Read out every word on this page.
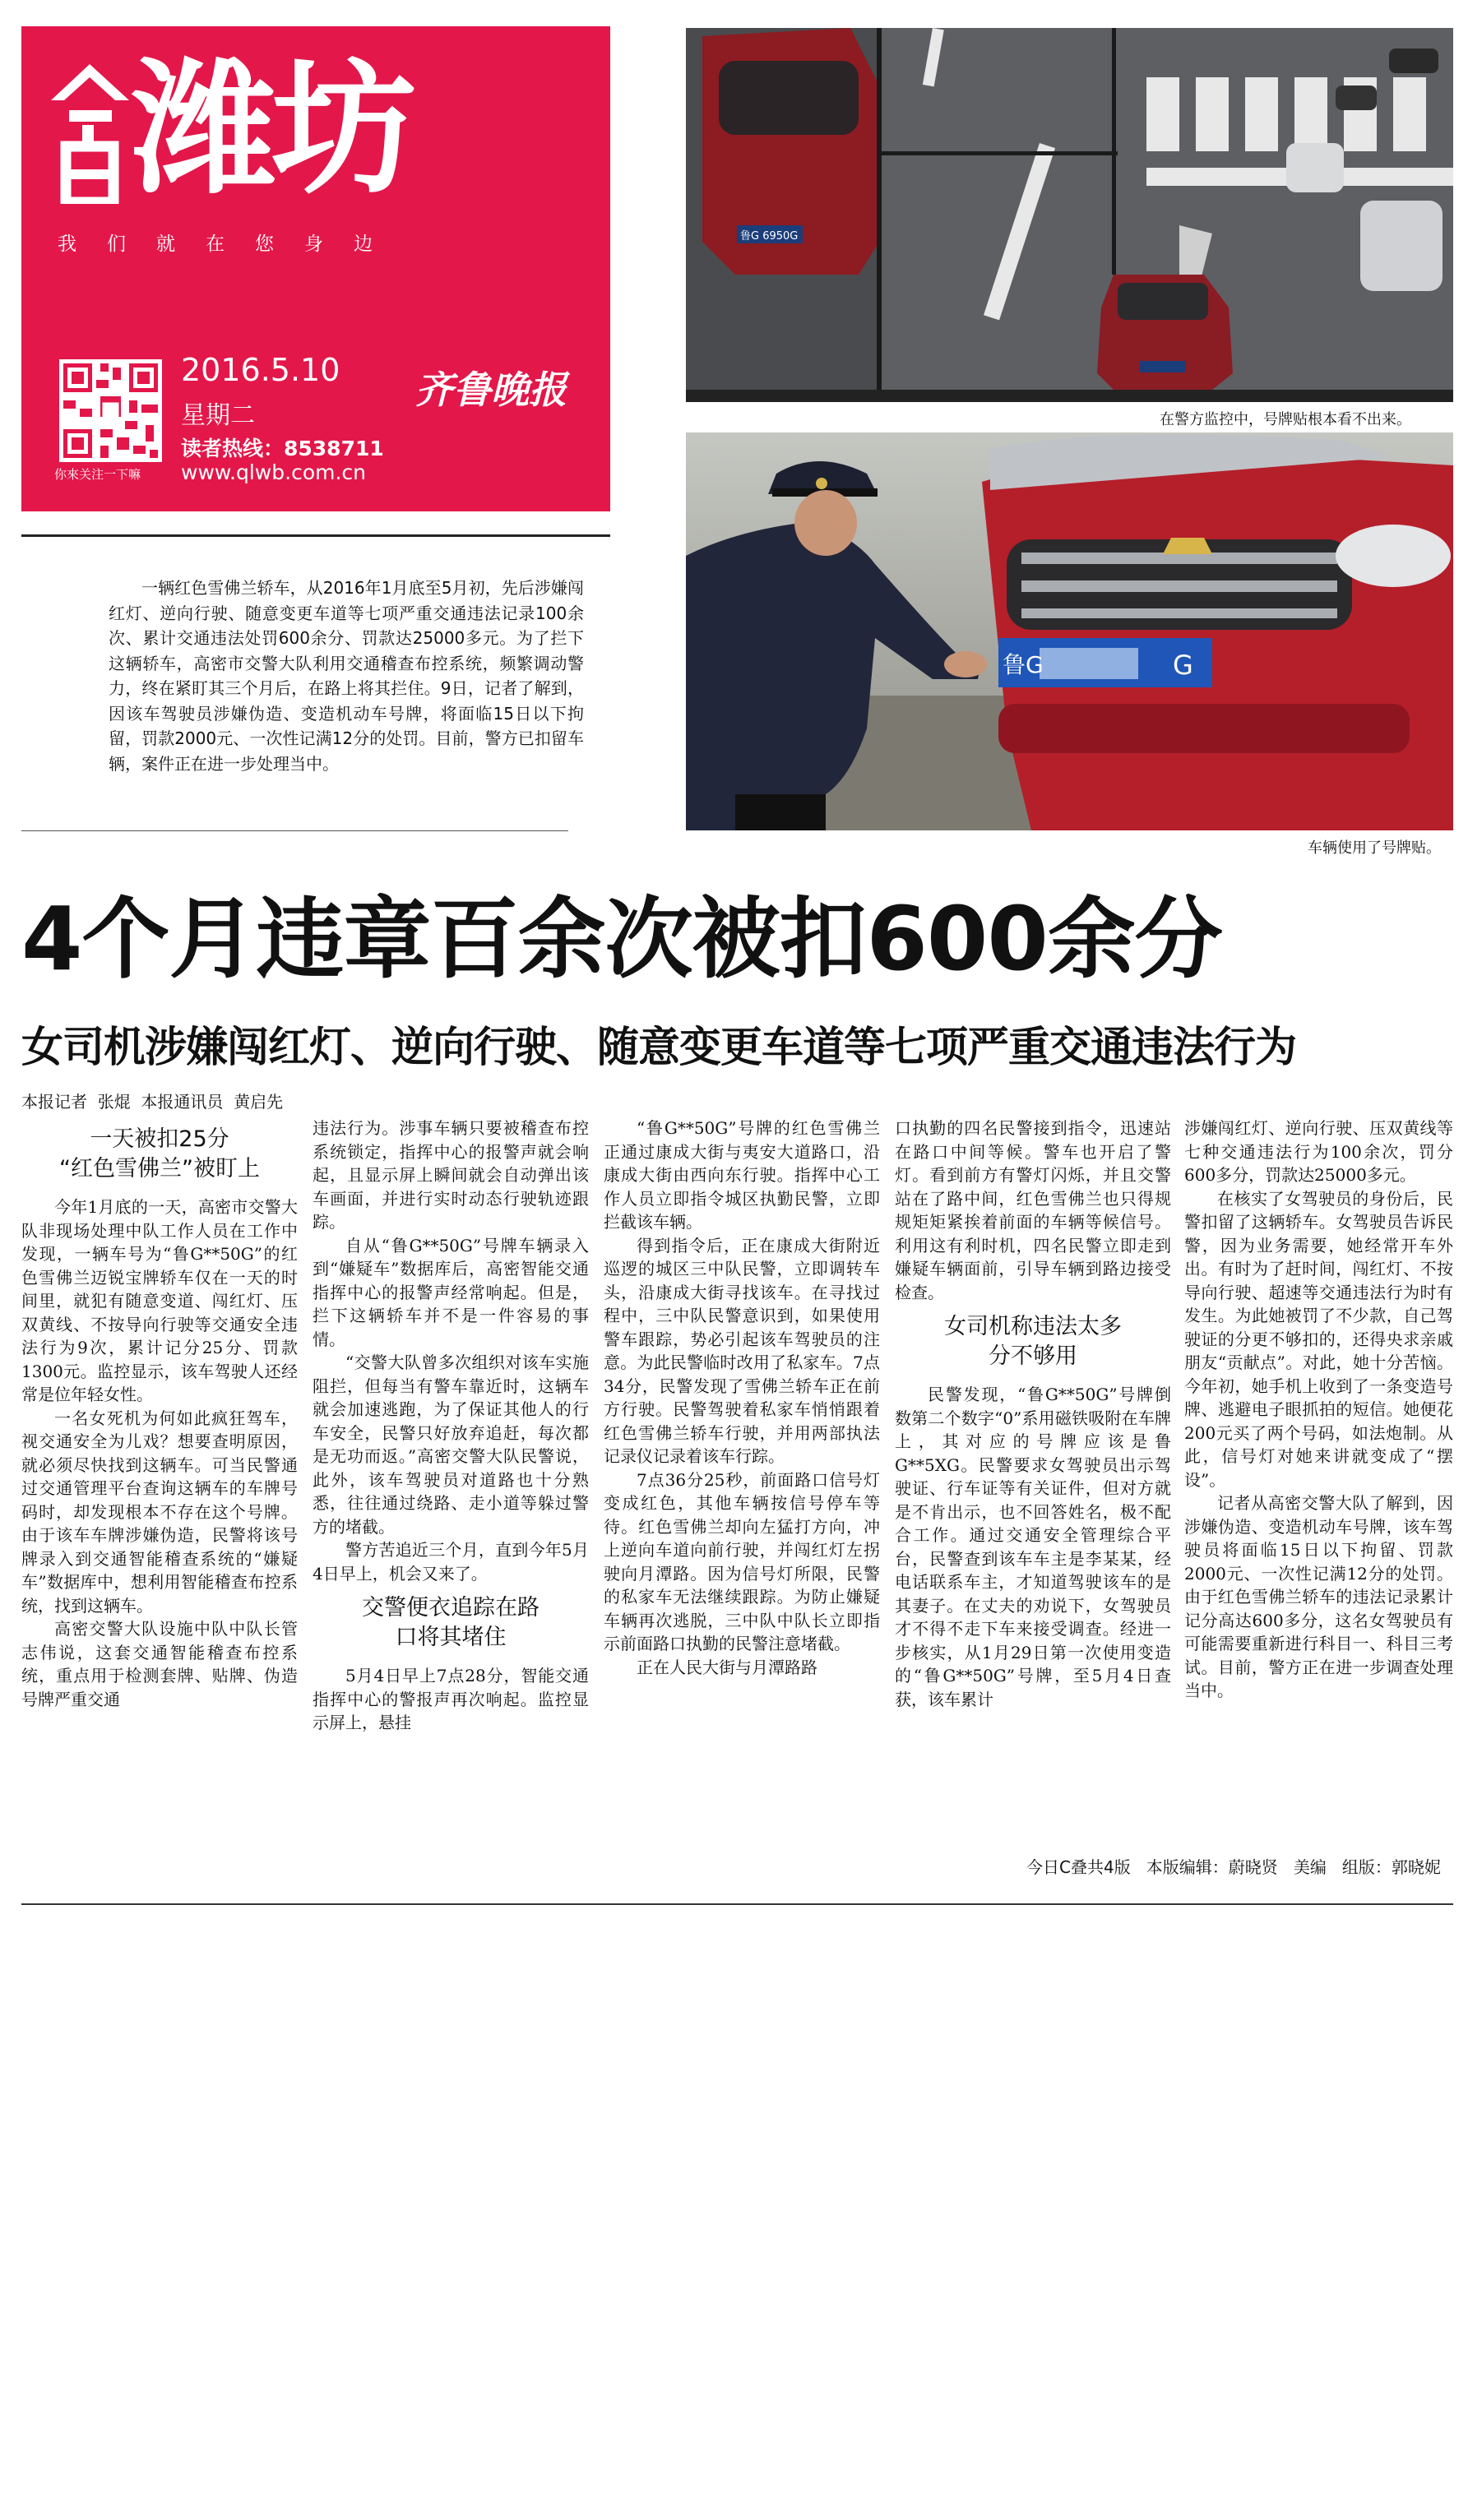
潍坊
我们就在您身边
你來关注一下嘛
2016.5.10
星期二
齐鲁晚报
读者热线：8538711
www.qlwb.com.cn

一辆红色雪佛兰轿车，从2016年1月底至5月初，先后涉嫌闯红灯、逆向行驶、随意变更车道等七项严重交通违法记录100余次、累计交通违法处罚600余分、罚款达25000多元。为了拦下这辆轿车，高密市交警大队利用交通稽查布控系统，频繁调动警力，终在紧盯其三个月后，在路上将其拦住。9日，记者了解到，因该车驾驶员涉嫌伪造、变造机动车号牌，将面临15日以下拘留，罚款2000元、一次性记满12分的处罚。目前，警方已扣留车辆，案件正在进一步处理当中。

鲁G 6950G
在警方监控中，号牌贴根本看不出来。
鲁G	G
车辆使用了号牌贴。
4个月违章百余次被扣600余分
女司机涉嫌闯红灯、逆向行驶、随意变更车道等七项严重交通违法行为
本报记者  张焜  本报通讯员  黄启先
一天被扣25分
“红色雪佛兰”被盯上

今年1月底的一天，高密市交警大队非现场处理中队工作人员在工作中发现，一辆车号为“鲁G**50G”的红色雪佛兰迈锐宝牌轿车仅在一天的时间里，就犯有随意变道、闯红灯、压双黄线、不按导向行驶等交通安全违法行为9次，累计记分25分、罚款1300元。监控显示，该车驾驶人还经常是位年轻女性。

一名女死机为何如此疯狂驾车，视交通安全为儿戏？想要查明原因，就必须尽快找到这辆车。可当民警通过交通管理平台查询这辆车的车牌号码时，却发现根本不存在这个号牌。由于该车车牌涉嫌伪造，民警将该号牌录入到交通智能稽查系统的“嫌疑车”数据库中，想利用智能稽查布控系统，找到这辆车。

高密交警大队设施中队中队长管志伟说，这套交通智能稽查布控系统，重点用于检测套牌、贴牌、伪造号牌严重交通

违法行为。涉事车辆只要被稽查布控系统锁定，指挥中心的报警声就会响起，且显示屏上瞬间就会自动弹出该车画面，并进行实时动态行驶轨迹跟踪。

自从“鲁G**50G”号牌车辆录入到“嫌疑车”数据库后，高密智能交通指挥中心的报警声经常响起。但是，拦下这辆轿车并不是一件容易的事情。

“交警大队曾多次组织对该车实施阻拦，但每当有警车靠近时，这辆车就会加速逃跑，为了保证其他人的行车安全，民警只好放弃追赶，每次都是无功而返。”高密交警大队民警说，此外，该车驾驶员对道路也十分熟悉，往往通过绕路、走小道等躲过警方的堵截。

警方苦追近三个月，直到今年5月4日早上，机会又来了。

交警便衣追踪在路口将其堵住

5月4日早上7点28分，智能交通指挥中心的警报声再次响起。监控显示屏上，悬挂

“鲁G**50G”号牌的红色雪佛兰正通过康成大街与夷安大道路口，沿康成大街由西向东行驶。指挥中心工作人员立即指令城区执勤民警，立即拦截该车辆。

得到指令后，正在康成大街附近巡逻的城区三中队民警，立即调转车头，沿康成大街寻找该车。在寻找过程中，三中队民警意识到，如果使用警车跟踪，势必引起该车驾驶员的注意。为此民警临时改用了私家车。7点34分，民警发现了雪佛兰轿车正在前方行驶。民警驾驶着私家车悄悄跟着红色雪佛兰轿车行驶，并用两部执法记录仪记录着该车行踪。

7点36分25秒，前面路口信号灯变成红色，其他车辆按信号停车等待。红色雪佛兰却向左猛打方向，冲上逆向车道向前行驶，并闯红灯左拐驶向月潭路。因为信号灯所限，民警的私家车无法继续跟踪。为防止嫌疑车辆再次逃脱，三中队中队长立即指示前面路口执勤的民警注意堵截。

正在人民大街与月潭路路

口执勤的四名民警接到指令，迅速站在路口中间等候。警车也开启了警灯。看到前方有警灯闪烁，并且交警站在了路中间，红色雪佛兰也只得规规矩矩紧挨着前面的车辆等候信号。利用这有利时机，四名民警立即走到嫌疑车辆面前，引导车辆到路边接受检查。

女司机称违法太多分不够用

民警发现，“鲁G**50G”号牌倒数第二个数字“0”系用磁铁吸附在车牌上，其对应的号牌应该是鲁G**5XG。民警要求女驾驶员出示驾驶证、行车证等有关证件，但对方就是不肯出示，也不回答姓名，极不配合工作。通过交通安全管理综合平台，民警查到该车车主是李某某，经电话联系车主，才知道驾驶该车的是其妻子。在丈夫的劝说下，女驾驶员才不得不走下车来接受调查。经进一步核实，从1月29日第一次使用变造的“鲁G**50G”号牌，至5月4日查获，该车累计

涉嫌闯红灯、逆向行驶、压双黄线等七种交通违法行为100余次，罚分600多分，罚款达25000多元。

在核实了女驾驶员的身份后，民警扣留了这辆轿车。女驾驶员告诉民警，因为业务需要，她经常开车外出。有时为了赶时间，闯红灯、不按导向行驶、超速等交通违法行为时有发生。为此她被罚了不少款，自己驾驶证的分更不够扣的，还得央求亲戚朋友“贡献点”。对此，她十分苦恼。今年初，她手机上收到了一条变造号牌、逃避电子眼抓拍的短信。她便花200元买了两个号码，如法炮制。从此，信号灯对她来讲就变成了“摆设”。

记者从高密交警大队了解到，因涉嫌伪造、变造机动车号牌，该车驾驶员将面临15日以下拘留、罚款2000元、一次性记满12分的处罚。由于红色雪佛兰轿车的违法记录累计记分高达600多分，这名女驾驶员有可能需要重新进行科目一、科目三考试。目前，警方正在进一步调查处理当中。

今日C叠共4版   本版编辑：蔚晓贤   美编   组版：郭晓妮
